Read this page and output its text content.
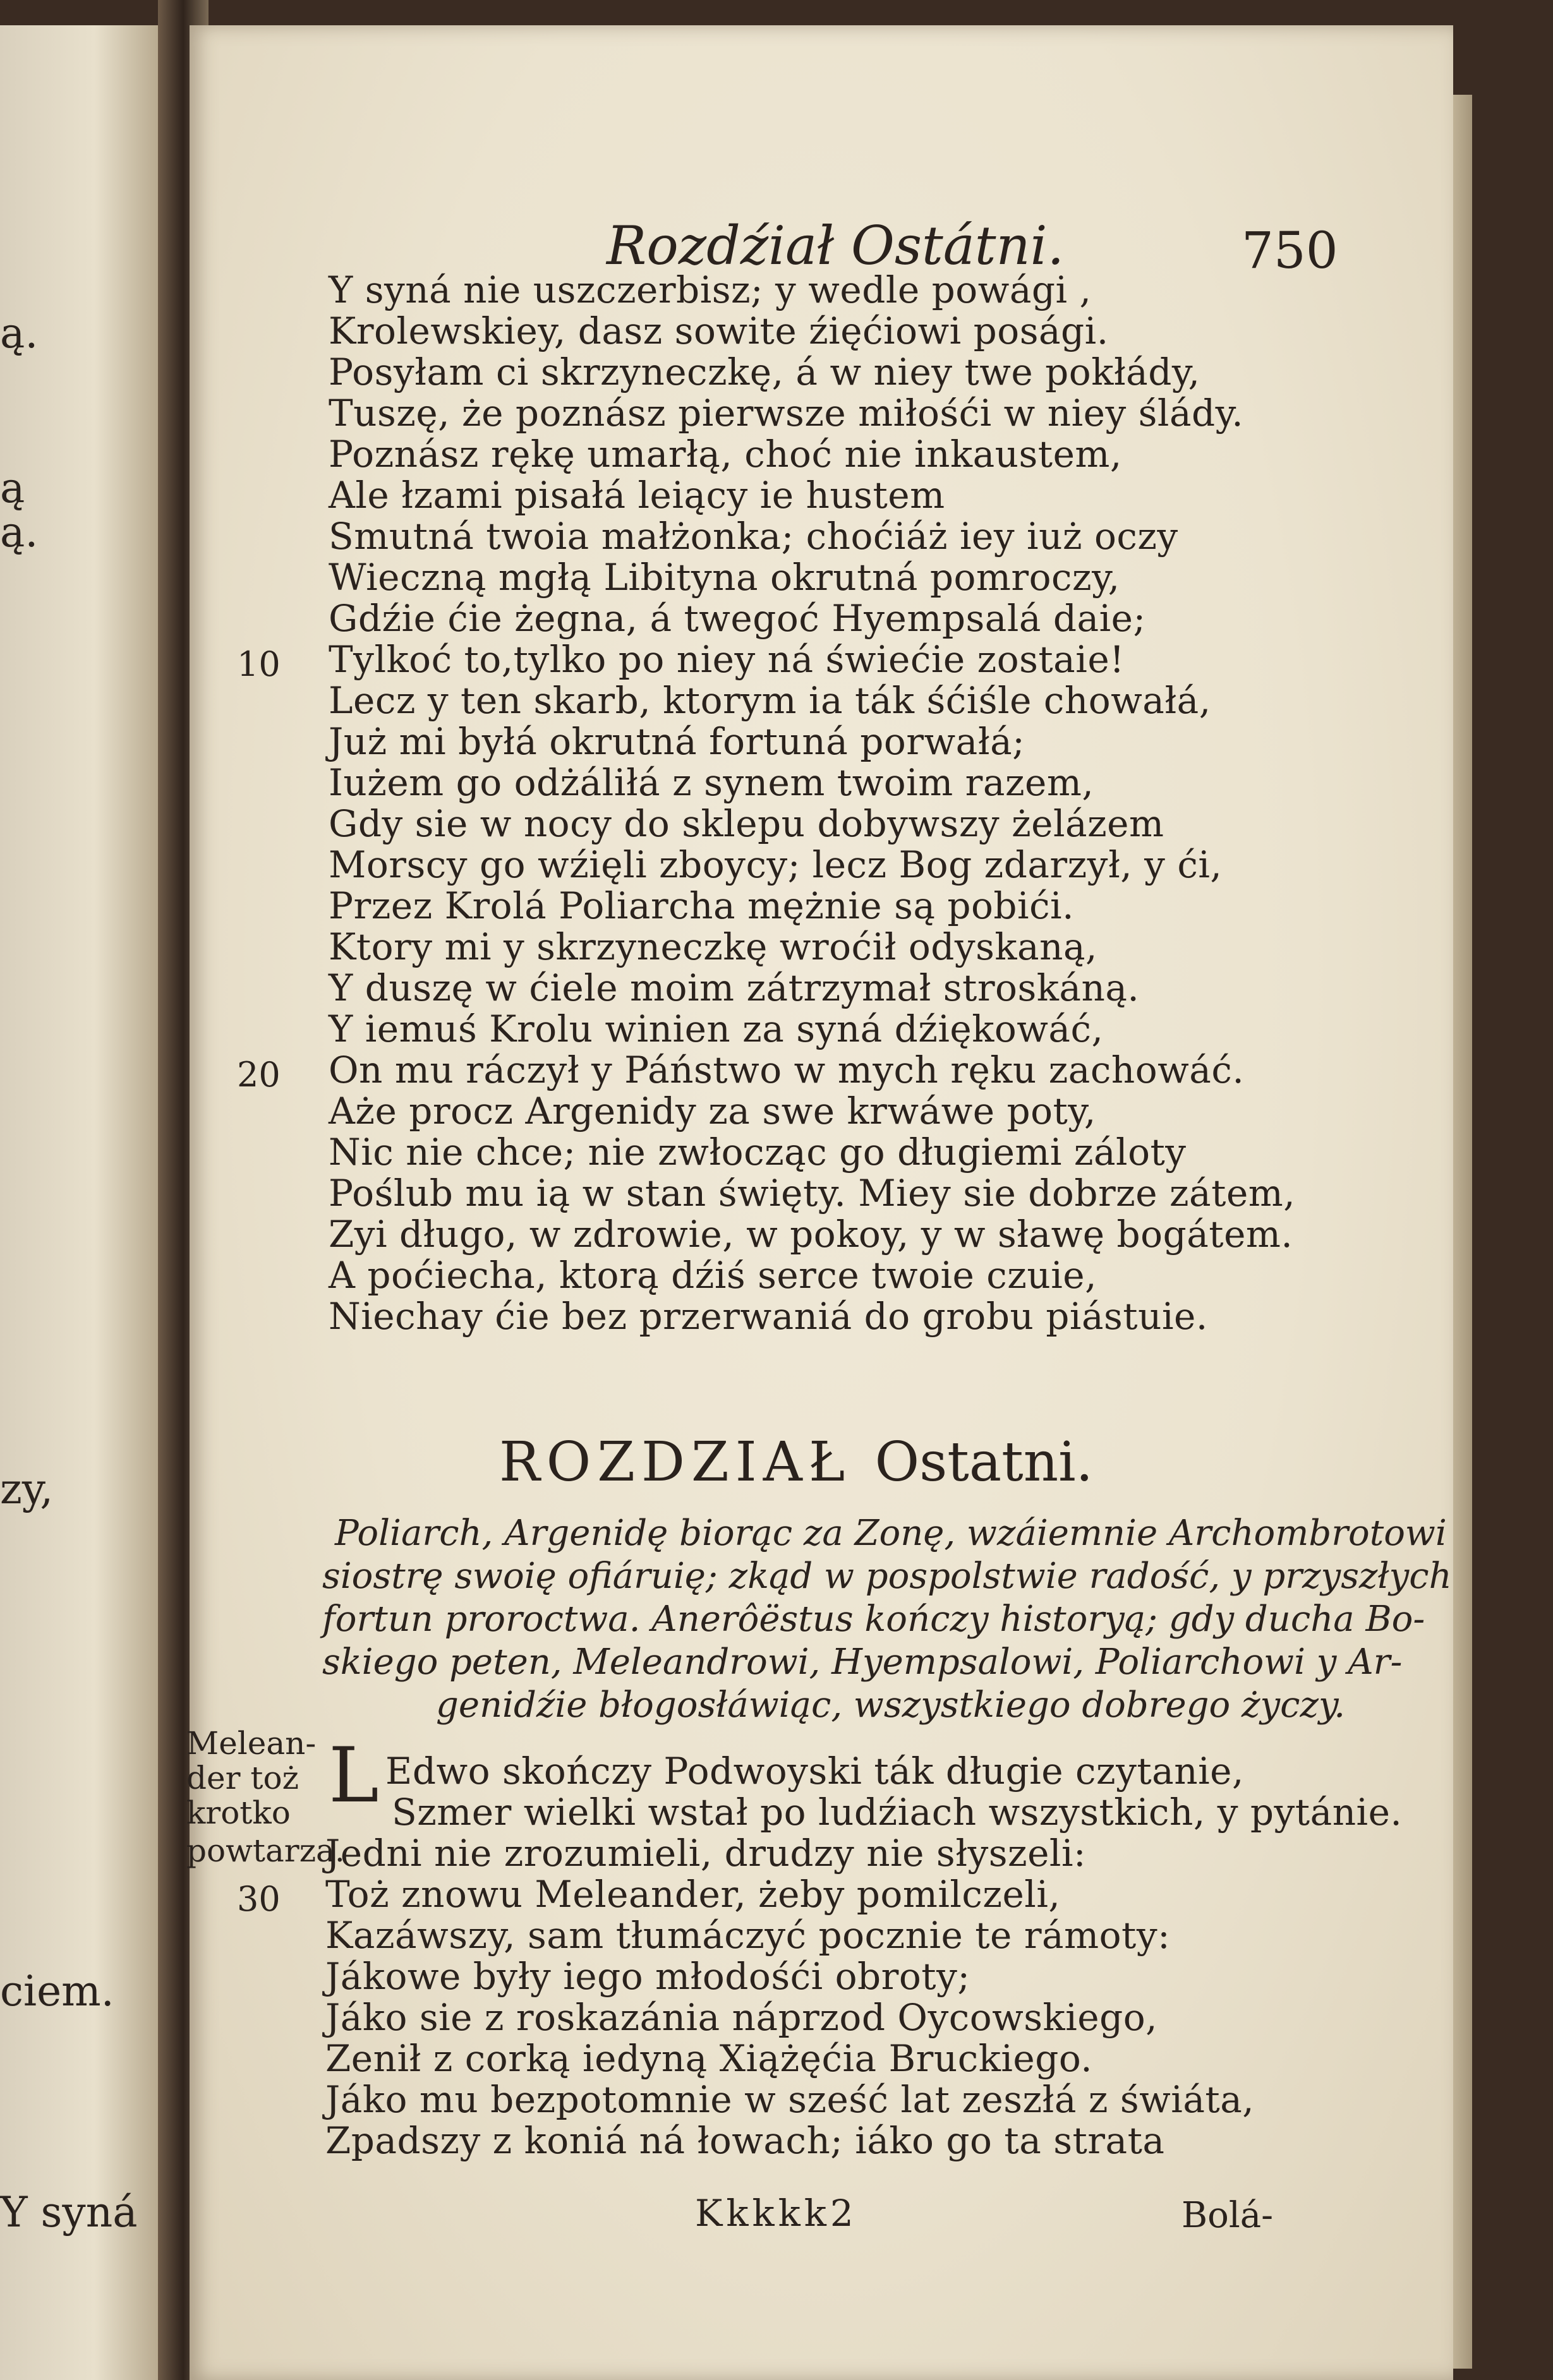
ą.
ą
ą.
zy,
ciem.
Y syná
Rozdźiał Ostátni.	750
Y syná nie uszczerbisz; y wedle powági ,
Krolewskiey, dasz sowite źięćiowi posági.
Posyłam ci skrzyneczkę, á w niey twe pokłády,
Tuszę, że poznász pierwsze miłośći w niey ślády.
Poznász rękę umarłą, choć nie inkaustem,
Ale łzami pisałá leiący ie hustem
Smutná twoia małżonka; choćiáż iey iuż oczy
Wieczną mgłą Libityna okrutná pomroczy,
Gdźie ćie żegna, á twegoć Hyempsalá daie;
Tylkoć to,tylko po niey ná świećie zostaie!
Lecz y ten skarb, ktorym ia ták śćiśle chowałá,
Już mi byłá okrutná fortuná porwałá;
Iużem go odżáliłá z synem twoim razem,
Gdy sie w nocy do sklepu dobywszy żelázem
Morscy go wźięli zboycy; lecz Bog zdarzył, y ći,
Przez Krolá Poliarcha mężnie są pobići.
Ktory mi y skrzyneczkę wroćił odyskaną,
Y duszę w ćiele moim zátrzymał stroskáną.
Y iemuś Krolu winien za syná dźiękowáć,
On mu ráczył y Páństwo w mych ręku zachowáć.
Aże procz Argenidy za swe krwáwe poty,
Nic nie chce; nie zwłocząc go długiemi záloty
Poślub mu ią w stan święty. Miey sie dobrze zátem,
Zyi długo, w zdrowie, w pokoy, y w sławę bogátem.
A poćiecha, ktorą dźiś serce twoie czuie,
Niechay ćie bez przerwaniá do grobu piástuie.
10
20
ROZDZIAŁ Ostatni.
Poliarch, Argenidę biorąc za Zonę, wzáiemnie Archombrotowi
siostrę swoię ofiáruię; zkąd w pospolstwie radość, y przyszłych
fortun proroctwa. Anerôëstus kończy historyą; gdy ducha Bo-
skiego peten, Meleandrowi, Hyempsalowi, Poliarchowi y Ar-
genidźie błogosłáwiąc, wszystkiego dobrego życzy.
Melean-
der toż
krotko
powtarza.
L Edwo skończy Podwoyski ták długie czytanie,
Szmer wielki wstał po ludźiach wszystkich, y pytánie.
Jedni nie zrozumieli, drudzy nie słyszeli:
Toż znowu Meleander, żeby pomilczeli,
Kazáwszy, sam tłumáczyć pocznie te rámoty:
Jákowe były iego młodośći obroty;
Jáko sie z roskazánia náprzod Oycowskiego,
Zenił z corką iedyną Xiążęćia Bruckiego.
Jáko mu bezpotomnie w sześć lat zeszłá z świáta,
Zpadszy z koniá ná łowach; iáko go ta strata
30
Kkkkk2	Bolá-
